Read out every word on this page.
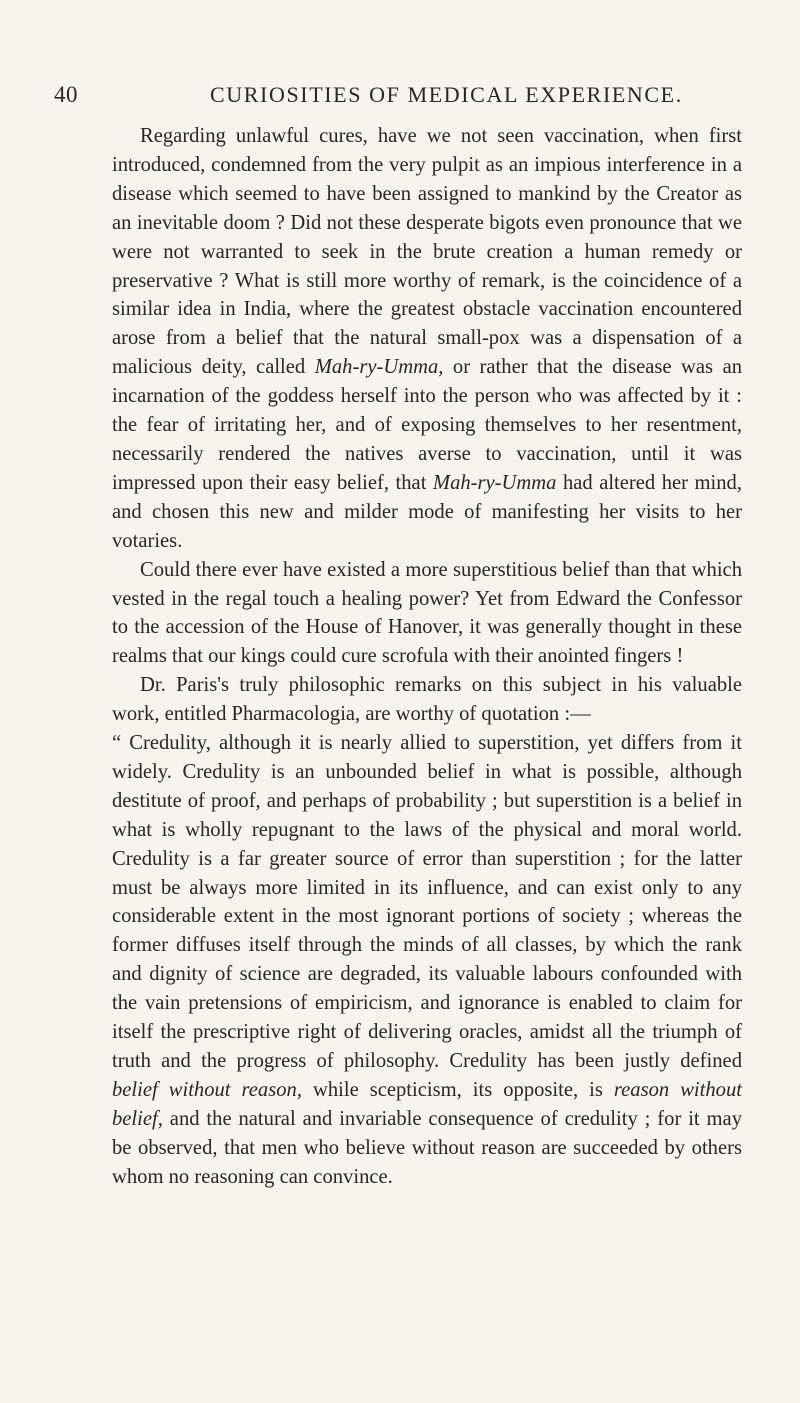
40	CURIOSITIES OF MEDICAL EXPERIENCE.

Regarding unlawful cures, have we not seen vaccination, when first introduced, condemned from the very pulpit as an impious interference in a disease which seemed to have been assigned to mankind by the Creator as an inevitable doom ? Did not these desperate bigots even pronounce that we were not warranted to seek in the brute creation a human remedy or preservative ? What is still more worthy of remark, is the coincidence of a similar idea in India, where the greatest obstacle vaccination encountered arose from a belief that the natural small-pox was a dispensation of a malicious deity, called Mah-ry-Umma, or rather that the disease was an incarnation of the goddess herself into the person who was affected by it : the fear of irritating her, and of exposing themselves to her resentment, necessarily rendered the natives averse to vaccination, until it was impressed upon their easy belief, that Mah-ry-Umma had altered her mind, and chosen this new and milder mode of manifesting her visits to her votaries.

Could there ever have existed a more superstitious belief than that which vested in the regal touch a healing power? Yet from Edward the Confessor to the accession of the House of Hanover, it was generally thought in these realms that our kings could cure scrofula with their anointed fingers !

Dr. Paris's truly philosophic remarks on this subject in his valuable work, entitled Pharmacologia, are worthy of quotation :—

“ Credulity, although it is nearly allied to superstition, yet differs from it widely. Credulity is an unbounded belief in what is possible, although destitute of proof, and perhaps of probability ; but superstition is a belief in what is wholly repugnant to the laws of the physical and moral world. Credulity is a far greater source of error than superstition ; for the latter must be always more limited in its influence, and can exist only to any considerable extent in the most ignorant portions of society ; whereas the former diffuses itself through the minds of all classes, by which the rank and dignity of science are degraded, its valuable labours confounded with the vain pretensions of empiricism, and ignorance is enabled to claim for itself the prescriptive right of delivering oracles, amidst all the triumph of truth and the progress of philosophy. Credulity has been justly defined belief without reason, while scepticism, its opposite, is reason without belief, and the natural and invariable consequence of credulity ; for it may be observed, that men who believe without reason are succeeded by others whom no reasoning can convince.
